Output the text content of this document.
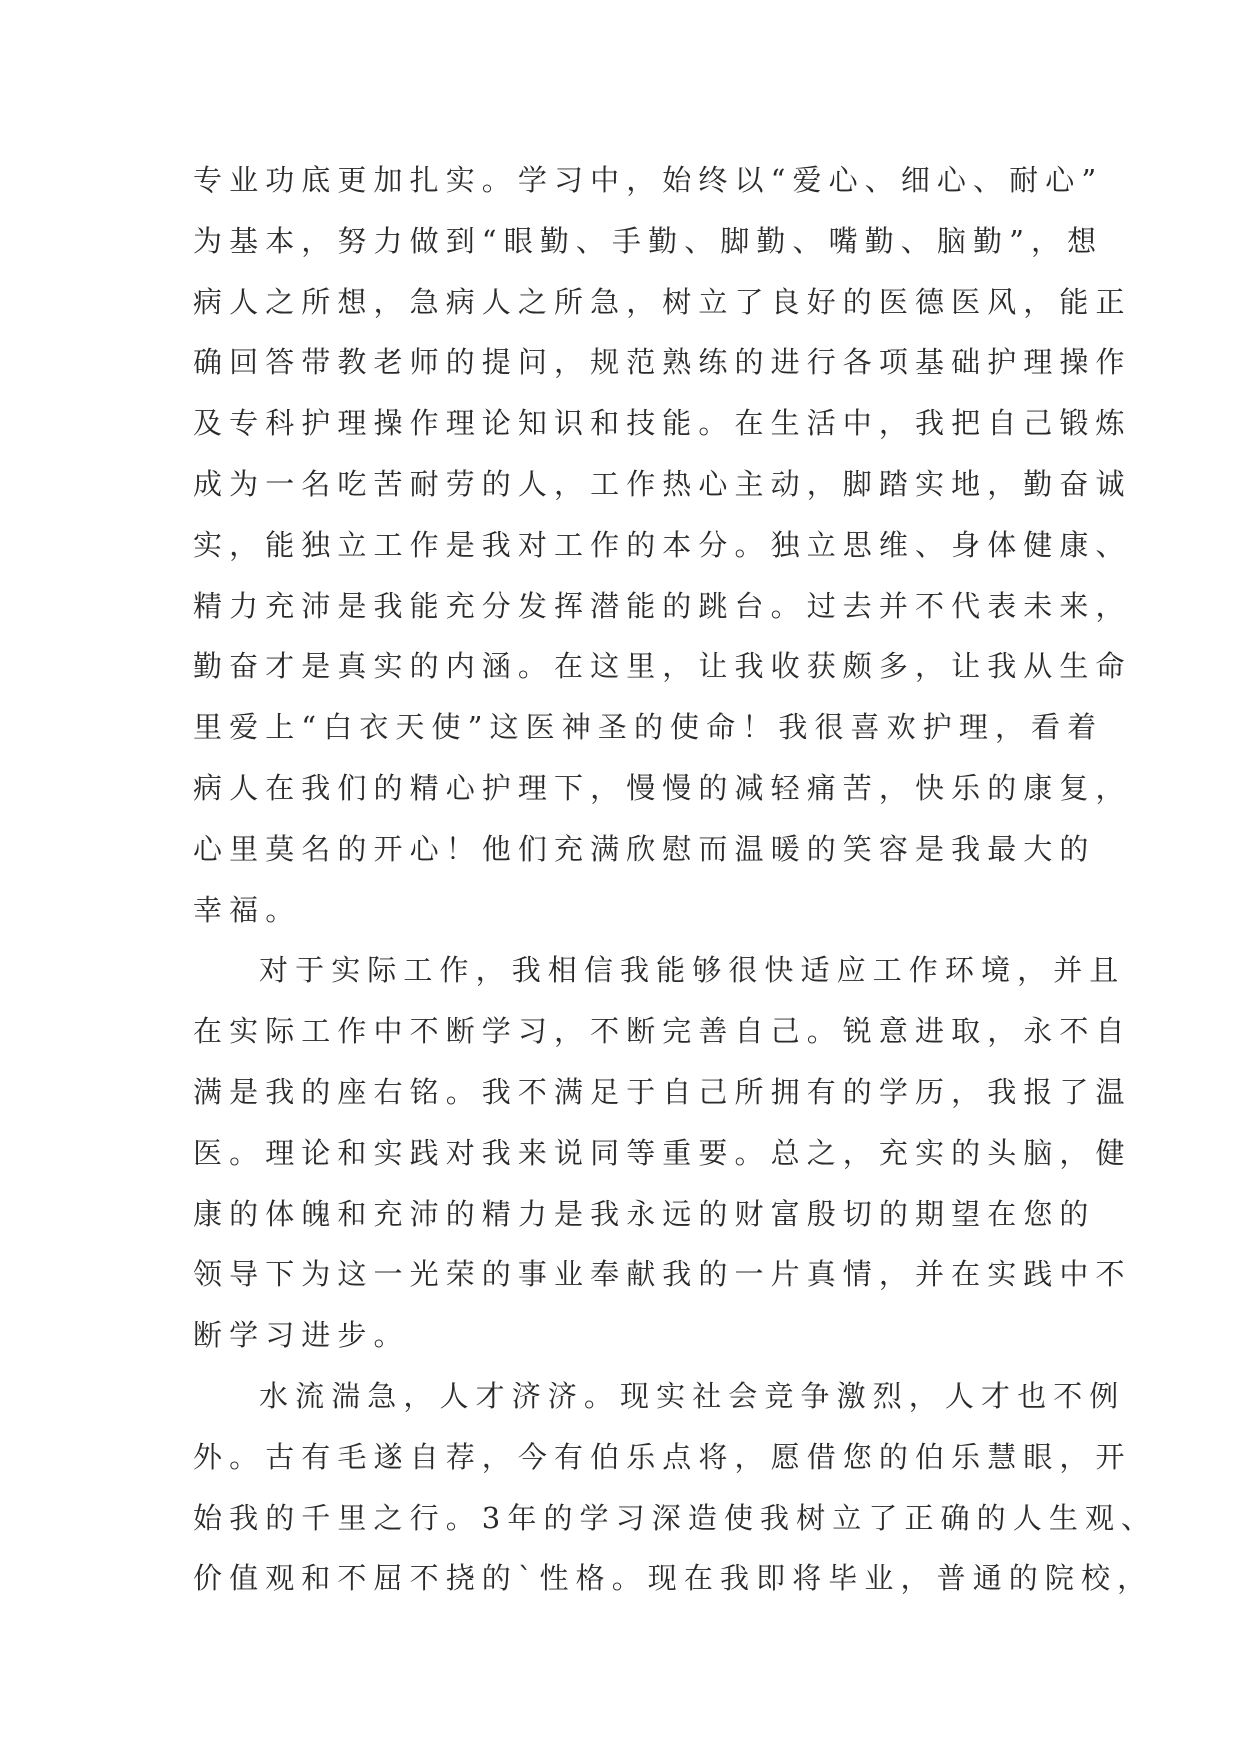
专业功底更加扎实。学习中，始终以“爱心、细心、耐心”
为基本，努力做到“眼勤、手勤、脚勤、嘴勤、脑勤”，想
病人之所想，急病人之所急，树立了良好的医德医风，能正
确回答带教老师的提问，规范熟练的进行各项基础护理操作
及专科护理操作理论知识和技能。在生活中，我把自己锻炼
成为一名吃苦耐劳的人，工作热心主动，脚踏实地，勤奋诚
实，能独立工作是我对工作的本分。独立思维、身体健康、
精力充沛是我能充分发挥潜能的跳台。过去并不代表未来，
勤奋才是真实的内涵。在这里，让我收获颇多，让我从生命
里爱上“白衣天使”这医神圣的使命！我很喜欢护理，看着
病人在我们的精心护理下，慢慢的减轻痛苦，快乐的康复，
心里莫名的开心！他们充满欣慰而温暖的笑容是我最大的
幸福。
对于实际工作，我相信我能够很快适应工作环境，并且
在实际工作中不断学习，不断完善自己。锐意进取，永不自
满是我的座右铭。我不满足于自己所拥有的学历，我报了温
医。理论和实践对我来说同等重要。总之，充实的头脑，健
康的体魄和充沛的精力是我永远的财富殷切的期望在您的
领导下为这一光荣的事业奉献我的一片真情，并在实践中不
断学习进步。
水流湍急，人才济济。现实社会竞争激烈，人才也不例
外。古有毛遂自荐，今有伯乐点将，愿借您的伯乐慧眼，开
始我的千里之行。3年的学习深造使我树立了正确的人生观、
价值观和不屈不挠的`性格。现在我即将毕业，普通的院校，
